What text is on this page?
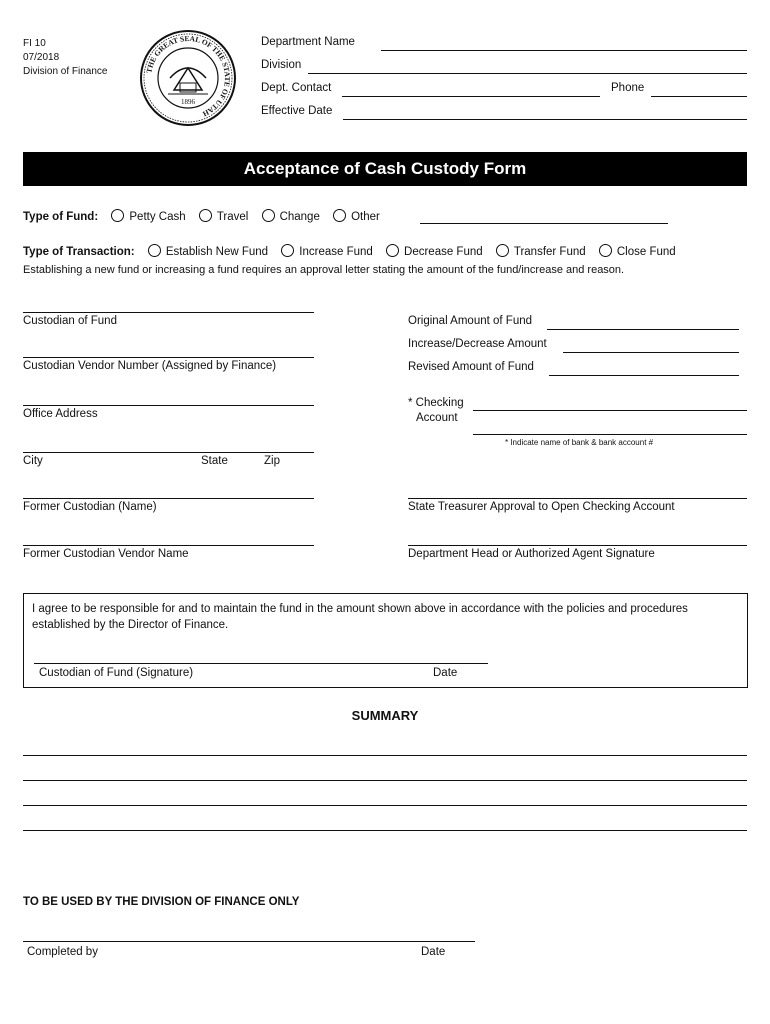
FI 10
07/2018
Division of Finance	THE GREAT SEAL OF THE STATE OF UTAH
1896
Department Name
Division
Dept. Contact	Phone
Effective Date
Acceptance of Cash Custody Form
Type of Fund:	Petty Cash	Travel	Change	Other
Type of Transaction:	Establish New Fund	Increase Fund	Decrease Fund	Transfer Fund	Close Fund
Establishing a new fund or increasing a fund requires an approval letter stating the amount of the fund/increase and reason.
Custodian of Fund
Custodian Vendor Number (Assigned by Finance)
Office Address
City	State	Zip
Former Custodian (Name)
Former Custodian Vendor Name
Original Amount of Fund
Increase/Decrease Amount
Revised Amount of Fund
* Checking
Account
* Indicate name of bank & bank account #
State Treasurer Approval to Open Checking Account
Department Head or Authorized Agent Signature
I agree to be responsible for and to maintain the fund in the amount shown above in accordance with the policies and procedures established by the Director of Finance.
Custodian of Fund (Signature)	Date
SUMMARY
TO BE USED BY THE DIVISION OF FINANCE ONLY
Completed by	Date
